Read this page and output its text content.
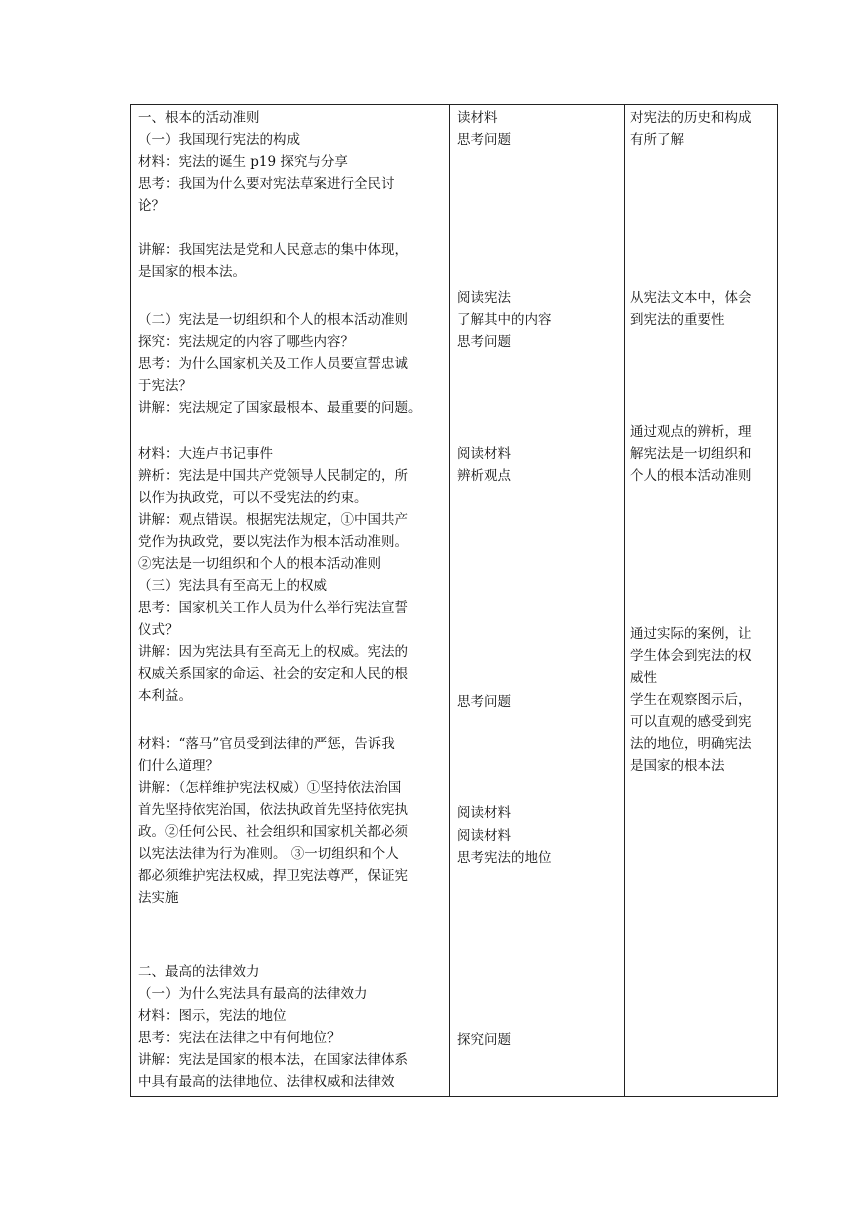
一、根本的活动准则
（一）我国现行宪法的构成
材料：宪法的诞生 p19 探究与分享
思考：我国为什么要对宪法草案进行全民讨
论？
讲解：我国宪法是党和人民意志的集中体现，
是国家的根本法。
（二）宪法是一切组织和个人的根本活动准则
探究：宪法规定的内容了哪些内容？
思考：为什么国家机关及工作人员要宣誓忠诚
于宪法？
讲解：宪法规定了国家最根本、最重要的问题。
材料：大连卢书记事件
辨析：宪法是中国共产党领导人民制定的，所
以作为执政党，可以不受宪法的约束。
讲解：观点错误。根据宪法规定，①中国共产
党作为执政党，要以宪法作为根本活动准则。
②宪法是一切组织和个人的根本活动准则
（三）宪法具有至高无上的权威
思考：国家机关工作人员为什么举行宪法宣誓
仪式？
讲解：因为宪法具有至高无上的权威。宪法的
权威关系国家的命运、社会的安定和人民的根
本利益。
材料：“落马”官员受到法律的严惩，告诉我
们什么道理？
讲解：（怎样维护宪法权威）①坚持依法治国
首先坚持依宪治国，依法执政首先坚持依宪执
政。②任何公民、社会组织和国家机关都必须
以宪法法律为行为准则。 ③一切组织和个人
都必须维护宪法权威，捍卫宪法尊严，保证宪
法实施
二、最高的法律效力
（一）为什么宪法具有最高的法律效力
材料：图示，宪法的地位
思考：宪法在法律之中有何地位？
讲解：宪法是国家的根本法，在国家法律体系
中具有最高的法律地位、法律权威和法律效
读材料
思考问题
阅读宪法
了解其中的内容
思考问题
阅读材料
辨析观点
思考问题
阅读材料
阅读材料
思考宪法的地位
探究问题
对宪法的历史和构成
有所了解
从宪法文本中，体会
到宪法的重要性
通过观点的辨析，理
解宪法是一切组织和
个人的根本活动准则
通过实际的案例，让
学生体会到宪法的权
威性
学生在观察图示后，
可以直观的感受到宪
法的地位，明确宪法
是国家的根本法
